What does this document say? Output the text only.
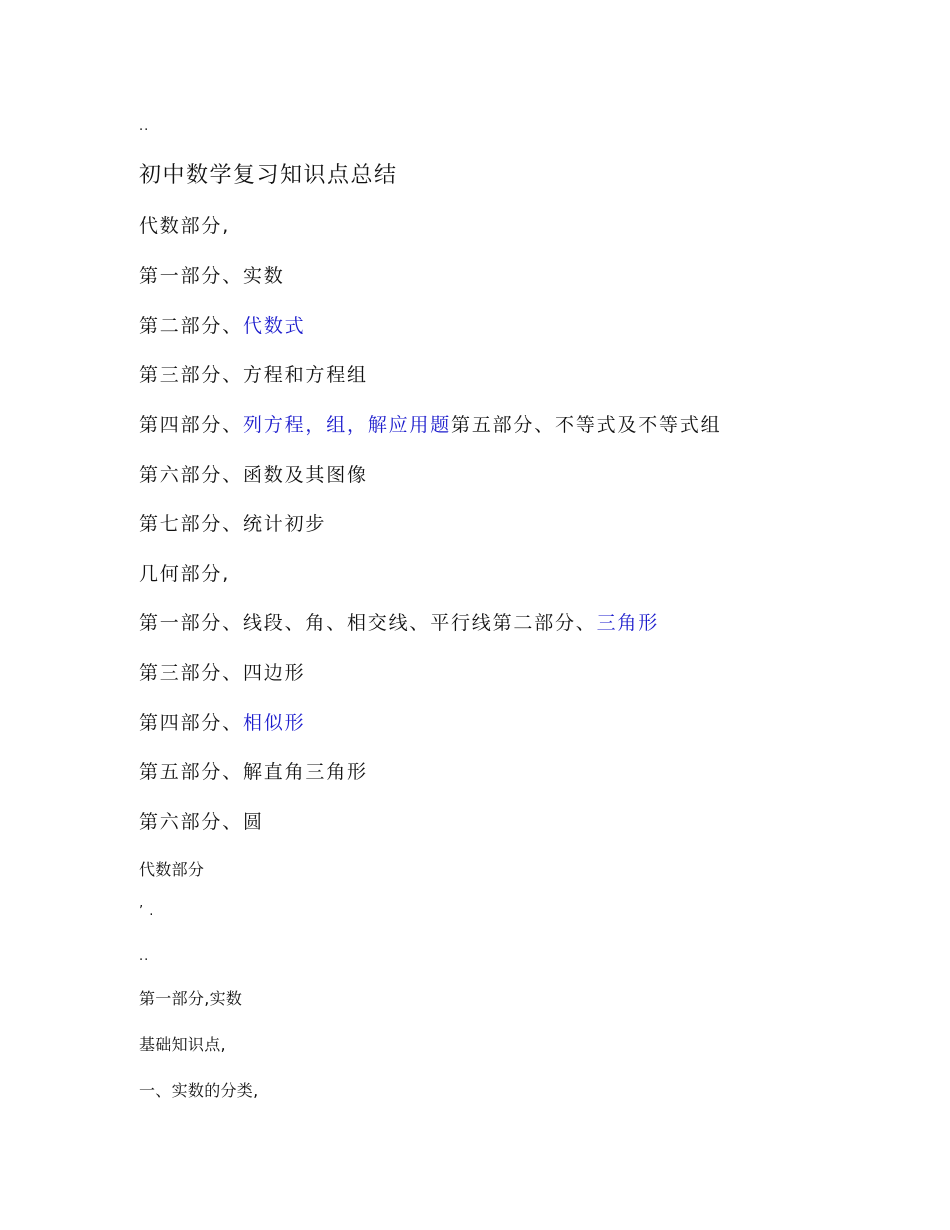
..
初中数学复习知识点总结
代数部分,
第一部分、实数
第二部分、代数式
第三部分、方程和方程组
第四部分、列方程，组，解应用题第五部分、不等式及不等式组
第六部分、函数及其图像
第七部分、统计初步
几何部分,
第一部分、线段、角、相交线、平行线第二部分、三角形
第三部分、四边形
第四部分、相似形
第五部分、解直角三角形
第六部分、圆
代数部分
’ .
..
第一部分,实数
基础知识点,
一、实数的分类,
